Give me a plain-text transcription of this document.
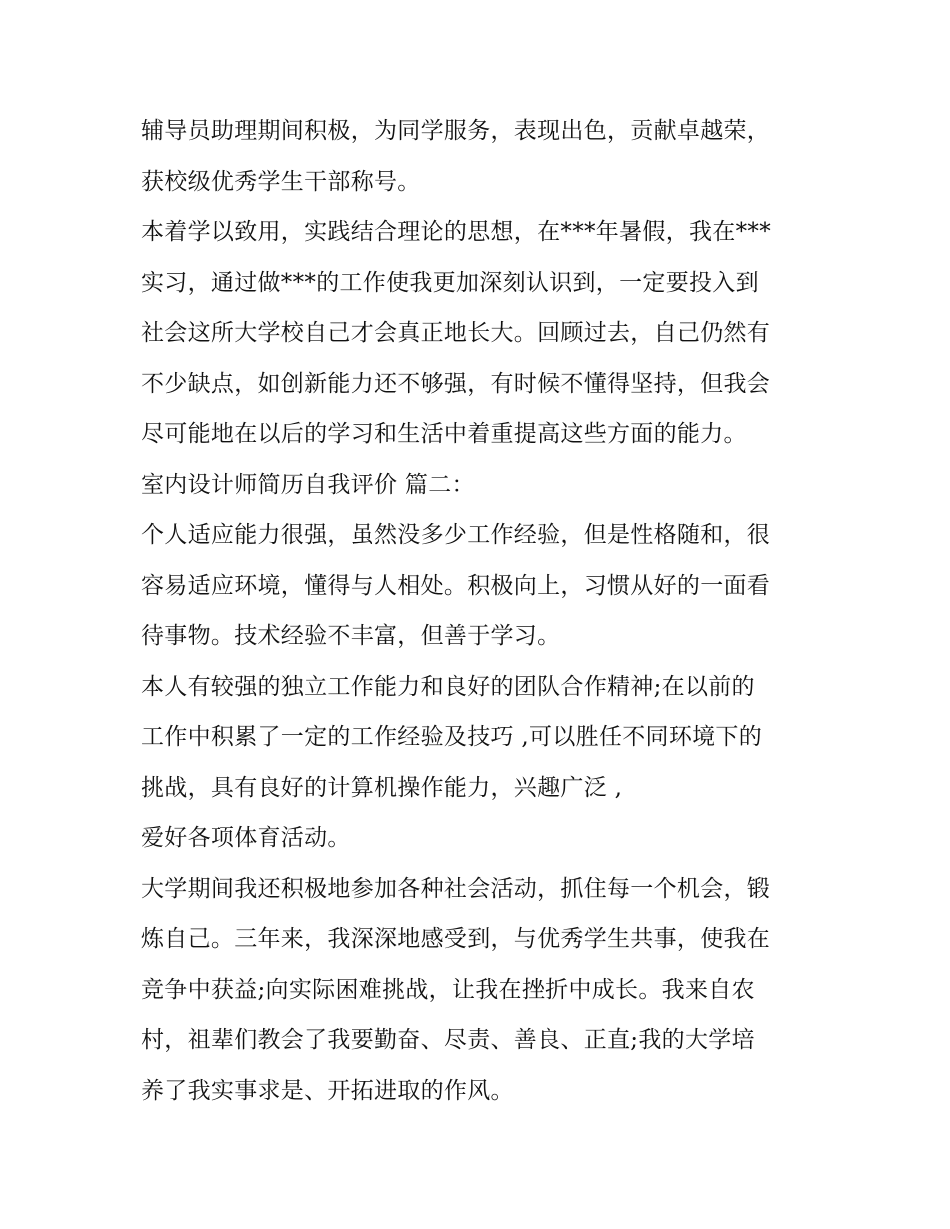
辅导员助理期间积极，为同学服务，表现出色，贡献卓越荣，
获校级优秀学生干部称号。
本着学以致用，实践结合理论的思想，在***年暑假，我在***
实习，通过做***的工作使我更加深刻认识到，一定要投入到
社会这所大学校自己才会真正地长大。回顾过去，自己仍然有
不少缺点，如创新能力还不够强，有时候不懂得坚持，但我会
尽可能地在以后的学习和生活中着重提高这些方面的能力。
室内设计师简历自我评价 篇二：
个人适应能力很强，虽然没多少工作经验，但是性格随和，很
容易适应环境，懂得与人相处。积极向上，习惯从好的一面看
待事物。技术经验不丰富，但善于学习。
本人有较强的独立工作能力和良好的团队合作精神;在以前的
工作中积累了一定的工作经验及技巧 ,可以胜任不同环境下的
挑战，具有良好的计算机操作能力，兴趣广泛 ,
爱好各项体育活动。
大学期间我还积极地参加各种社会活动，抓住每一个机会，锻
炼自己。三年来，我深深地感受到，与优秀学生共事，使我在
竞争中获益;向实际困难挑战，让我在挫折中成长。我来自农
村，祖辈们教会了我要勤奋、尽责、善良、正直;我的大学培
养了我实事求是、开拓进取的作风。
